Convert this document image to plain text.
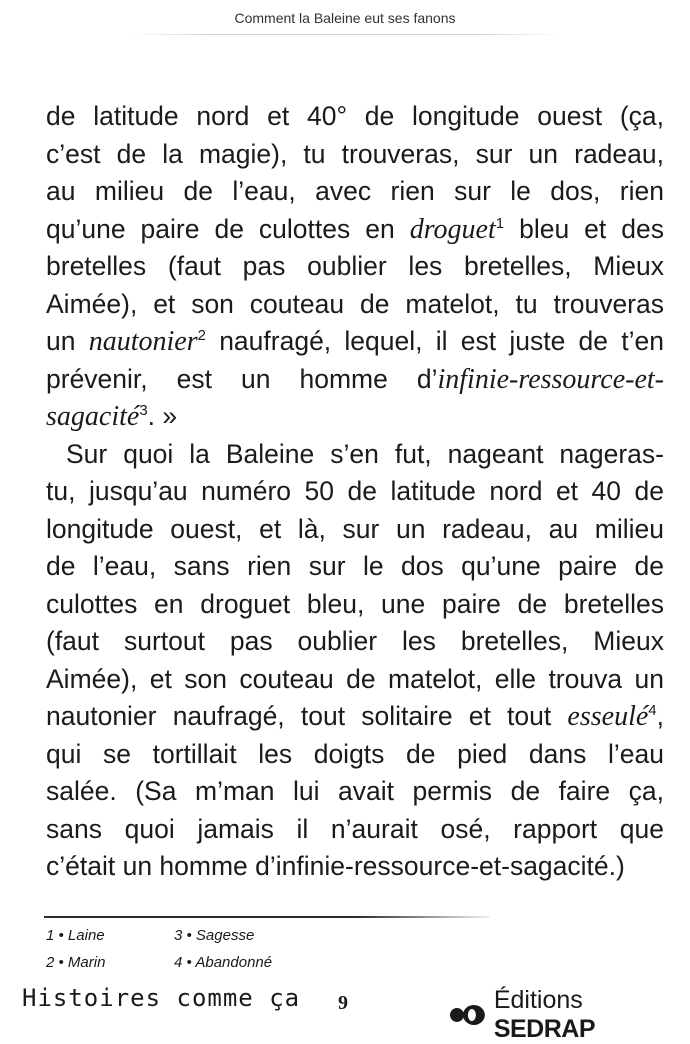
Comment la Baleine eut ses fanons
de latitude nord et 40° de longitude ouest (ça,
c’est de la magie), tu trouveras, sur un radeau,
au milieu de l’eau, avec rien sur le dos, rien
qu’une paire de culottes en droguet$^1$ bleu et des
bretelles (faut pas oublier les bretelles, Mieux
Aimée), et son couteau de matelot, tu trouveras
un nautonier$^2$ naufragé, lequel, il est juste de t’en
prévenir, est un homme d’infinie-ressource-et-
sagacité$^3$. »
Sur quoi la Baleine s’en fut, nageant nageras-
tu, jusqu’au numéro 50 de latitude nord et 40 de
longitude ouest, et là, sur un radeau, au milieu
de l’eau, sans rien sur le dos qu’une paire de
culottes en droguet bleu, une paire de bretelles
(faut surtout pas oublier les bretelles, Mieux
Aimée), et son couteau de matelot, elle trouva un
nautonier naufragé, tout solitaire et tout esseulé$^4$,
qui se tortillait les doigts de pied dans l’eau
salée. (Sa m’man lui avait permis de faire ça,
sans quoi jamais il n’aurait osé, rapport que
c’était un homme d’infinie-ressource-et-sagacité.)
1 • Laine
2 • Marin
3 • Sagesse
4 • Abandonné
Histoires comme ça 9	Éditions SEDRAP
